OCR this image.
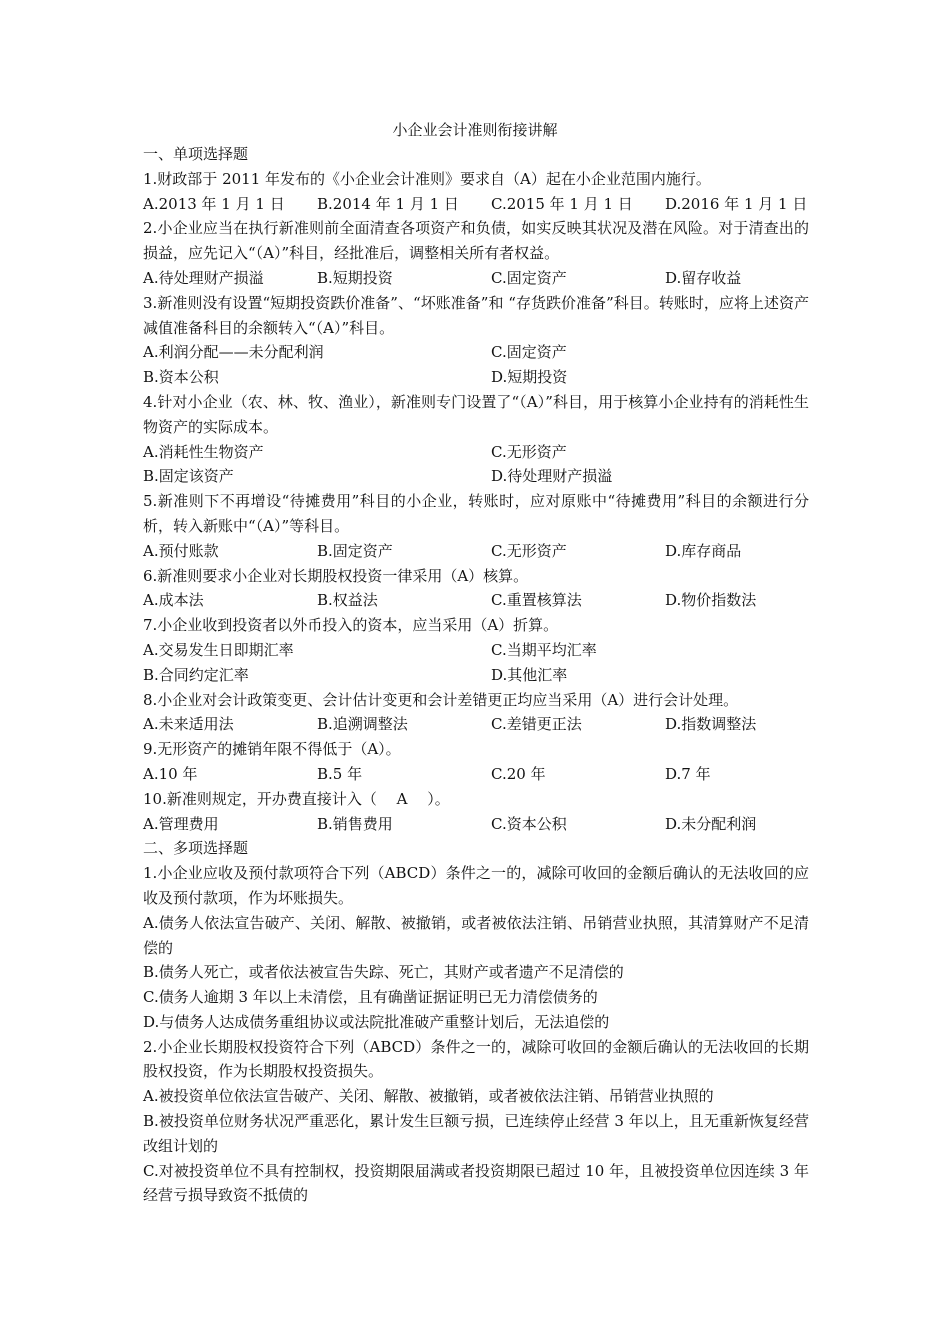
小企业会计准则衔接讲解
一、单项选择题
1.财政部于 2011 年发布的《小企业会计准则》要求自（A）起在小企业范围内施行。
A.2013 年 1 月 1 日	B.2014 年 1 月 1 日	C.2015 年 1 月 1 日	D.2016 年 1 月 1 日
2.小企业应当在执行新准则前全面清查各项资产和负债，如实反映其状况及潜在风险。对于清查出的损益，应先记入“（A）”科目，经批准后，调整相关所有者权益。
A.待处理财产损溢	B.短期投资	C.固定资产	D.留存收益
3.新准则没有设置“短期投资跌价准备”、“坏账准备”和 “存货跌价准备”科目。转账时，应将上述资产减值准备科目的余额转入“（A）”科目。
A.利润分配——未分配利润	C.固定资产
B.资本公积	D.短期投资
4.针对小企业（农、林、牧、渔业），新准则专门设置了“（A）”科目，用于核算小企业持有的消耗性生物资产的实际成本。
A.消耗性生物资产	C.无形资产
B.固定该资产	D.待处理财产损溢
5.新准则下不再增设“待摊费用”科目的小企业，转账时，应对原账中“待摊费用”科目的余额进行分析，转入新账中“（A）”等科目。
A.预付账款	B.固定资产	C.无形资产	D.库存商品
6.新准则要求小企业对长期股权投资一律采用（A）核算。
A.成本法	B.权益法	C.重置核算法	D.物价指数法
7.小企业收到投资者以外币投入的资本，应当采用（A）折算。
A.交易发生日即期汇率	C.当期平均汇率
B.合同约定汇率	D.其他汇率
8.小企业对会计政策变更、会计估计变更和会计差错更正均应当采用（A）进行会计处理。
A.未来适用法	B.追溯调整法	C.差错更正法	D.指数调整法
9.无形资产的摊销年限不得低于（A）。
A.10 年	B.5 年	C.20 年	D.7 年
10.新准则规定，开办费直接计入（　 A 　）。
A.管理费用	B.销售费用	C.资本公积	D.未分配利润
二、多项选择题
1.小企业应收及预付款项符合下列（ABCD）条件之一的，减除可收回的金额后确认的无法收回的应收及预付款项，作为坏账损失。
A.债务人依法宣告破产、关闭、解散、被撤销，或者被依法注销、吊销营业执照，其清算财产不足清偿的
B.债务人死亡，或者依法被宣告失踪、死亡，其财产或者遗产不足清偿的
C.债务人逾期 3 年以上未清偿，且有确凿证据证明已无力清偿债务的
D.与债务人达成债务重组协议或法院批准破产重整计划后，无法追偿的
2.小企业长期股权投资符合下列（ABCD）条件之一的，减除可收回的金额后确认的无法收回的长期股权投资，作为长期股权投资损失。
A.被投资单位依法宣告破产、关闭、解散、被撤销，或者被依法注销、吊销营业执照的
B.被投资单位财务状况严重恶化，累计发生巨额亏损，已连续停止经营 3 年以上，且无重新恢复经营改组计划的
C.对被投资单位不具有控制权，投资期限届满或者投资期限已超过 10 年，且被投资单位因连续 3 年经营亏损导致资不抵债的
